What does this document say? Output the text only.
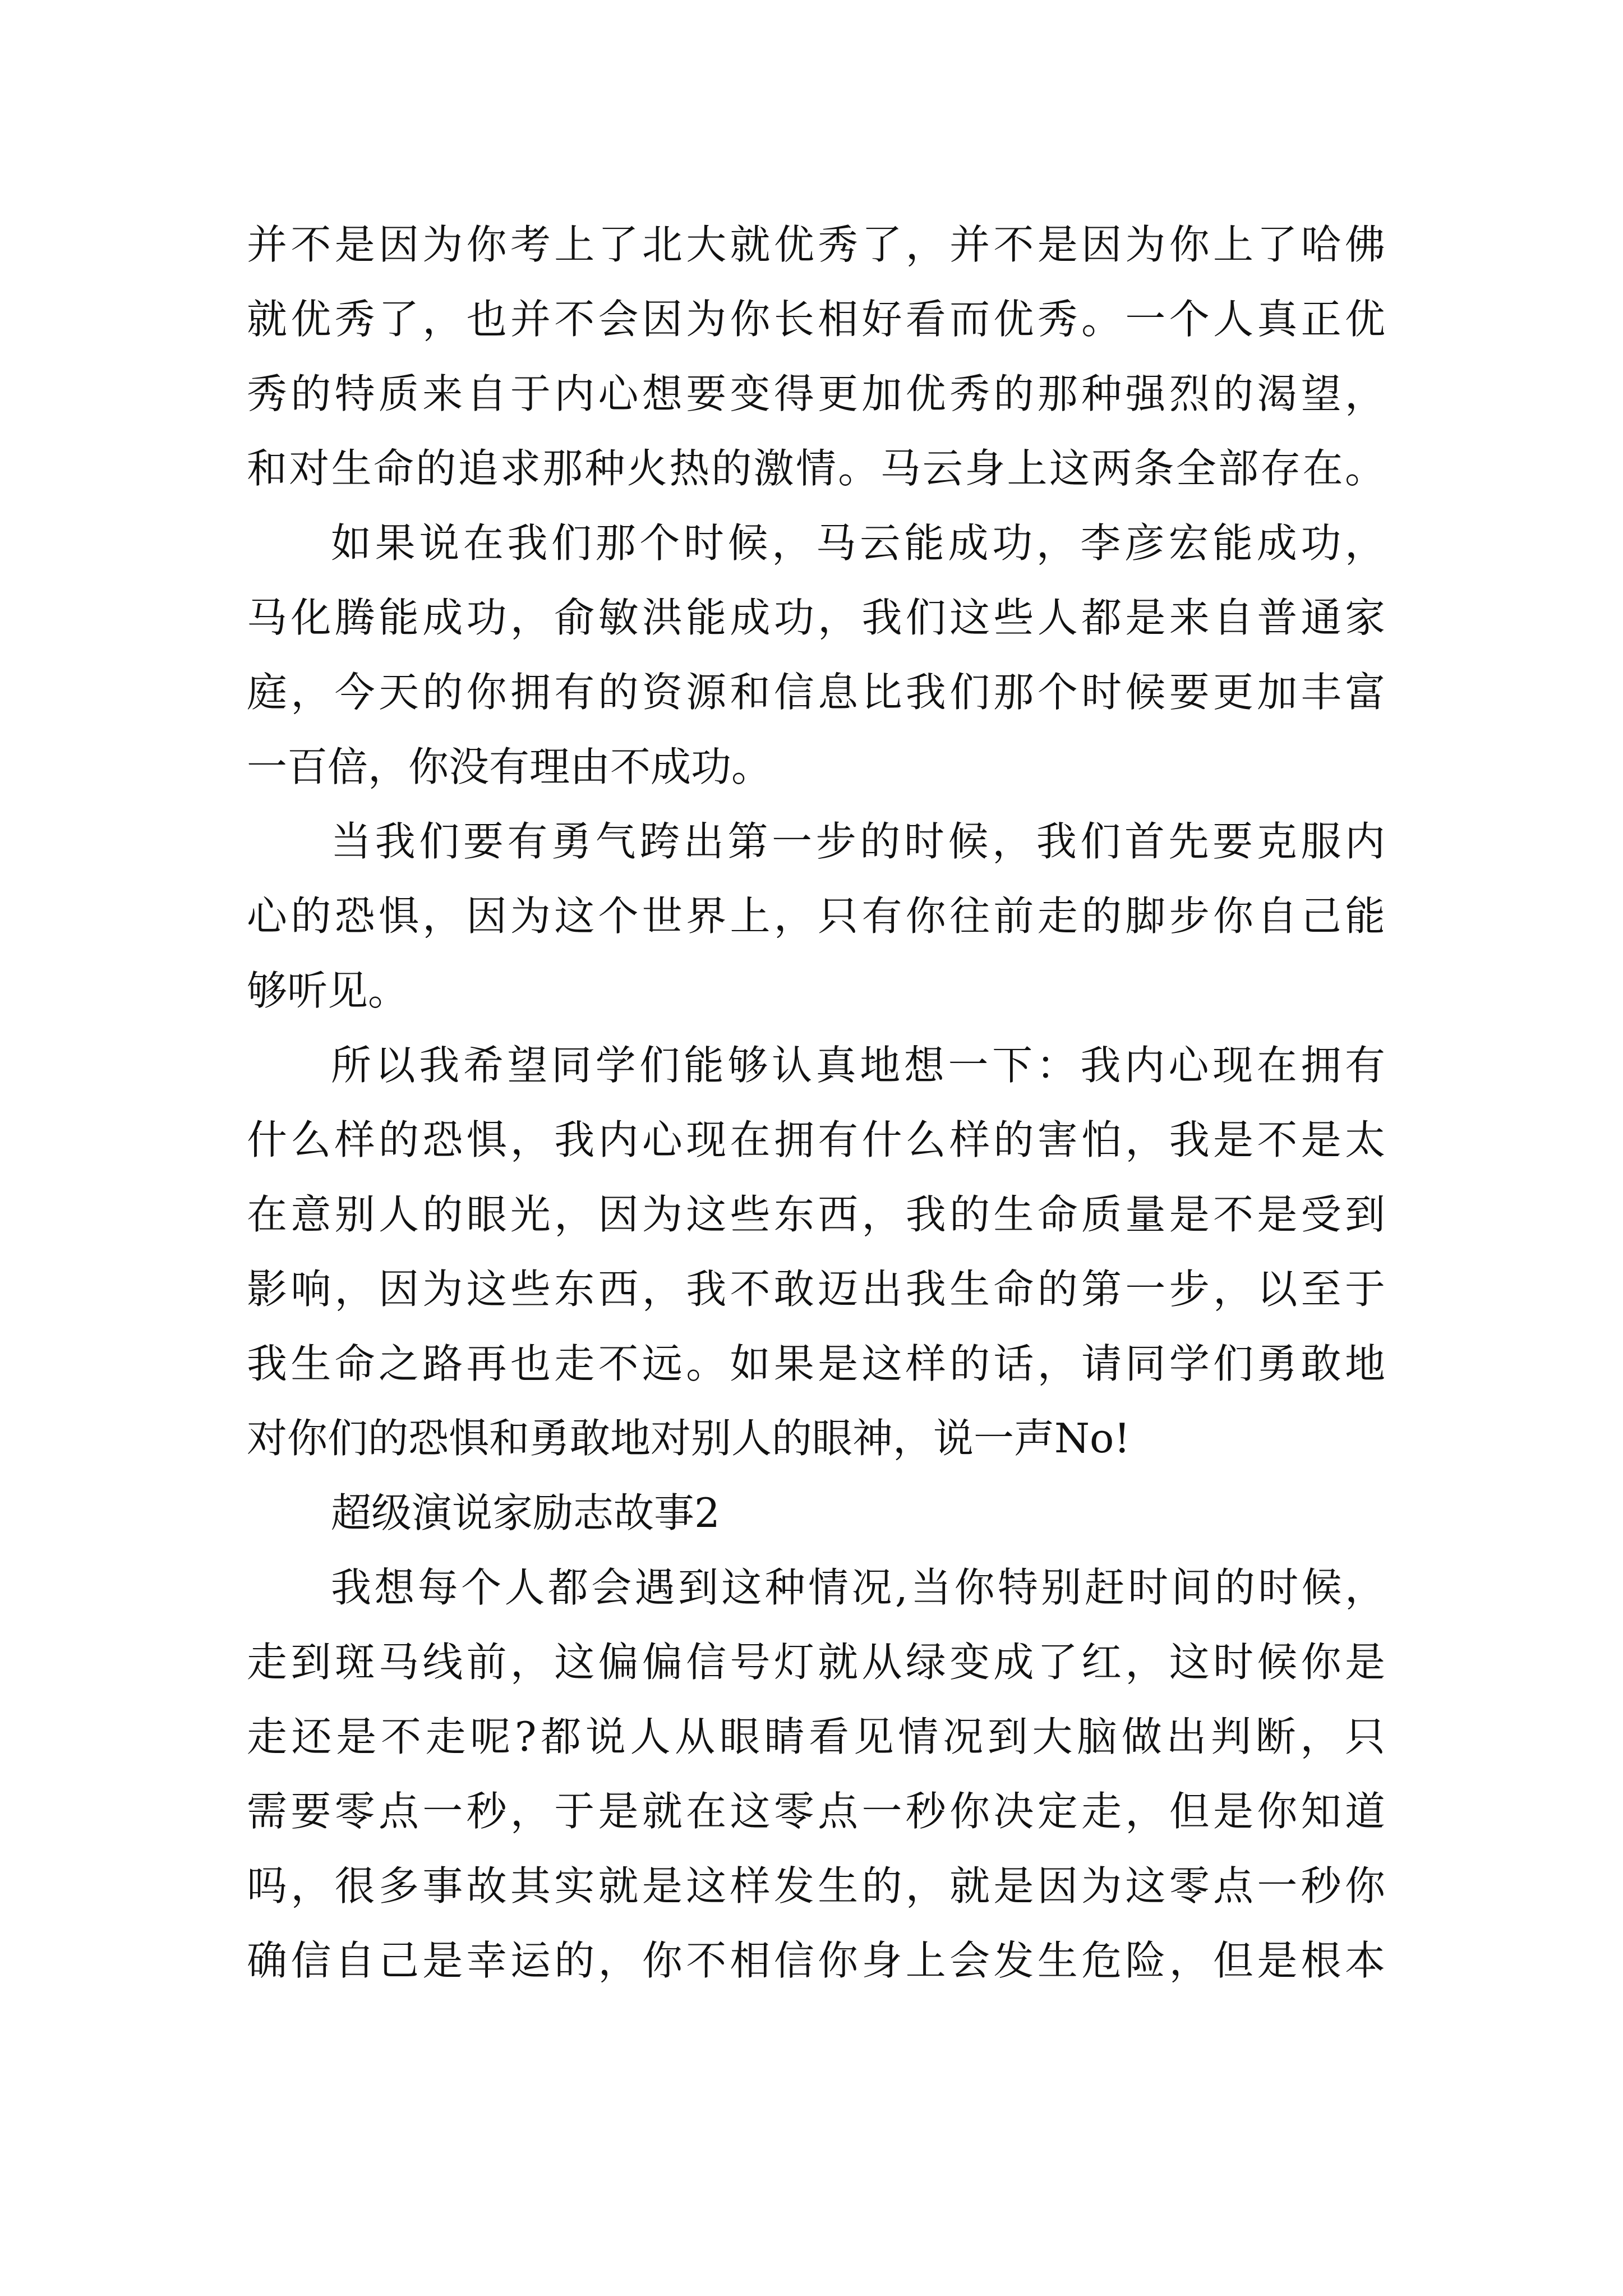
并不是因为你考上了北大就优秀了，并不是因为你上了哈佛
就优秀了，也并不会因为你长相好看而优秀。一个人真正优
秀的特质来自于内心想要变得更加优秀的那种强烈的渴望，
和对生命的追求那种火热的激情。马云身上这两条全部存在。
如果说在我们那个时候，马云能成功，李彦宏能成功，
马化腾能成功，俞敏洪能成功，我们这些人都是来自普通家
庭，今天的你拥有的资源和信息比我们那个时候要更加丰富
一百倍，你没有理由不成功。
当我们要有勇气跨出第一步的时候，我们首先要克服内
心的恐惧，因为这个世界上，只有你往前走的脚步你自己能
够听见。
所以我希望同学们能够认真地想一下：我内心现在拥有
什么样的恐惧，我内心现在拥有什么样的害怕，我是不是太
在意别人的眼光，因为这些东西，我的生命质量是不是受到
影响，因为这些东西，我不敢迈出我生命的第一步，以至于
我生命之路再也走不远。如果是这样的话，请同学们勇敢地
对你们的恐惧和勇敢地对别人的眼神，说一声No!
超级演说家励志故事2
我想每个人都会遇到这种情况,当你特别赶时间的时候，
走到斑马线前，这偏偏信号灯就从绿变成了红，这时候你是
走还是不走呢?都说人从眼睛看见情况到大脑做出判断，只
需要零点一秒，于是就在这零点一秒你决定走，但是你知道
吗，很多事故其实就是这样发生的，就是因为这零点一秒你
确信自己是幸运的，你不相信你身上会发生危险，但是根本
